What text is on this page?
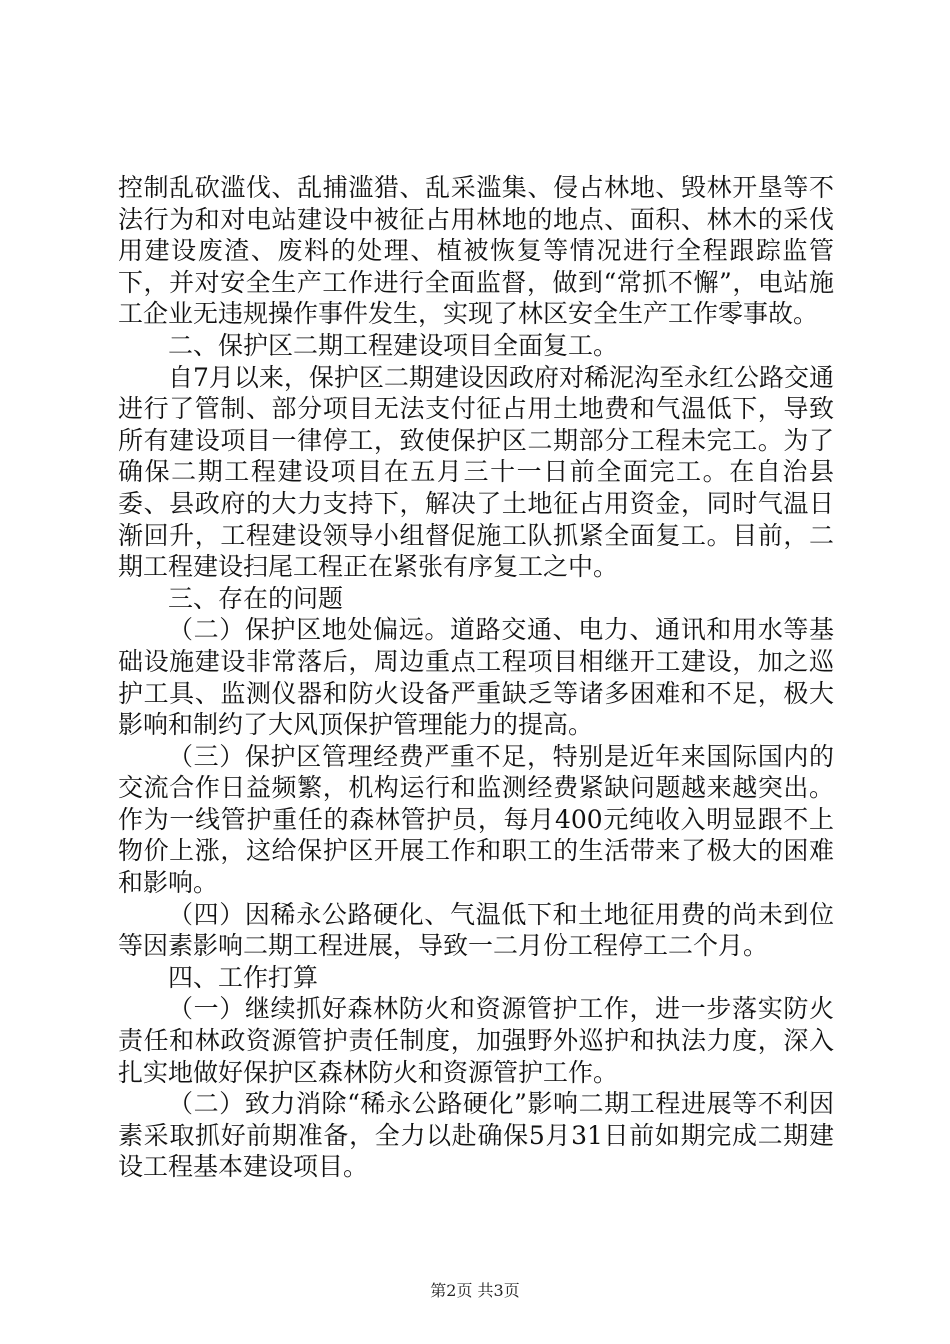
控制乱砍滥伐、乱捕滥猎、乱采滥集、侵占林地、毁林开垦等不法行为和对电站建设中被征占用林地的地点、面积、林木的采伐用建设废渣、废料的处理、植被恢复等情况进行全程跟踪监管下，并对安全生产工作进行全面监督，做到“常抓不懈”，电站施工企业无违规操作事件发生，实现了林区安全生产工作零事故。

二、保护区二期工程建设项目全面复工。

自7月以来，保护区二期建设因政府对稀泥沟至永红公路交通进行了管制、部分项目无法支付征占用土地费和气温低下，导致所有建设项目一律停工，致使保护区二期部分工程未完工。为了确保二期工程建设项目在五月三十一日前全面完工。在自治县委、县政府的大力支持下，解决了土地征占用资金，同时气温日渐回升，工程建设领导小组督促施工队抓紧全面复工。目前，二期工程建设扫尾工程正在紧张有序复工之中。

三、存在的问题

（二）保护区地处偏远。道路交通、电力、通讯和用水等基础设施建设非常落后，周边重点工程项目相继开工建设，加之巡护工具、监测仪器和防火设备严重缺乏等诸多困难和不足，极大影响和制约了大风顶保护管理能力的提高。

（三）保护区管理经费严重不足，特别是近年来国际国内的交流合作日益频繁，机构运行和监测经费紧缺问题越来越突出。作为一线管护重任的森林管护员，每月400元纯收入明显跟不上物价上涨，这给保护区开展工作和职工的生活带来了极大的困难和影响。

（四）因稀永公路硬化、气温低下和土地征用费的尚未到位等因素影响二期工程进展，导致一二月份工程停工二个月。

四、工作打算

（一）继续抓好森林防火和资源管护工作，进一步落实防火责任和林政资源管护责任制度，加强野外巡护和执法力度，深入扎实地做好保护区森林防火和资源管护工作。

（二）致力消除“稀永公路硬化”影响二期工程进展等不利因素采取抓好前期准备，全力以赴确保5月31日前如期完成二期建设工程基本建设项目。

第2页 共3页
